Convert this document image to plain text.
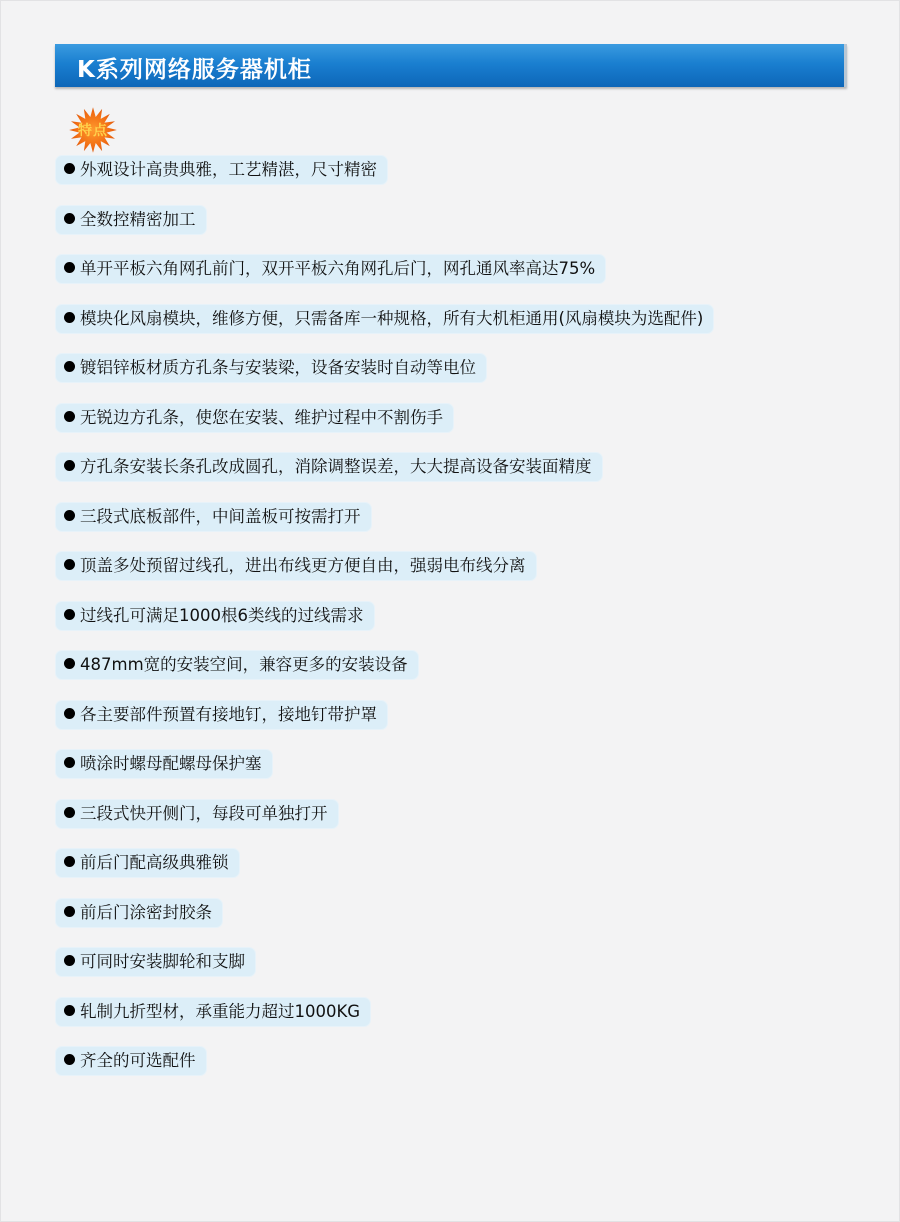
K系列网络服务器机柜
特点
外观设计高贵典雅，工艺精湛，尺寸精密
全数控精密加工
单开平板六角网孔前门，双开平板六角网孔后门，网孔通风率高达75%
模块化风扇模块，维修方便，只需备库一种规格，所有大机柜通用(风扇模块为选配件)
镀铝锌板材质方孔条与安装梁，设备安装时自动等电位
无锐边方孔条，使您在安装、维护过程中不割伤手
方孔条安装长条孔改成圆孔，消除调整误差，大大提高设备安装面精度
三段式底板部件，中间盖板可按需打开
顶盖多处预留过线孔，进出布线更方便自由，强弱电布线分离
过线孔可满足1000根6类线的过线需求
487mm宽的安装空间，兼容更多的安装设备
各主要部件预置有接地钉，接地钉带护罩
喷涂时螺母配螺母保护塞
三段式快开侧门，每段可单独打开
前后门配高级典雅锁
前后门涂密封胶条
可同时安装脚轮和支脚
轧制九折型材，承重能力超过1000KG
齐全的可选配件
